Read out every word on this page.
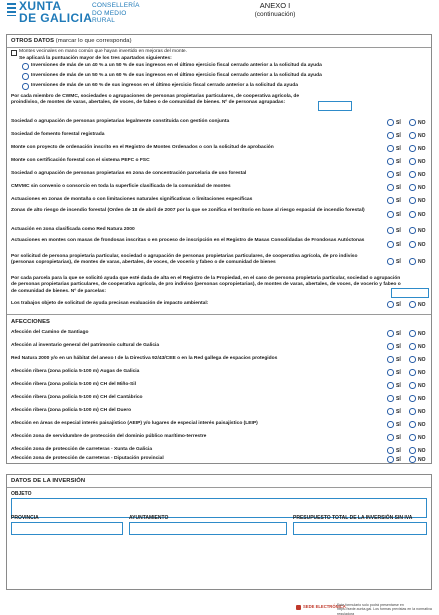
XUNTA
DE GALICIA
CONSELLERÍA
DO MEDIO
RURAL
ANEXO I
(continuación)
OTROS DATOS (marcar lo que corresponda)
Montes vecinales en mano común que hayan invertido en mejoras del monte.
Se aplicará la puntuación mayor de los tres apartados siguientes:
Inversiones de más de un 40 % a un 50 % de sus ingresos en el último ejercicio fiscal cerrado anterior a la solicitud da ayuda
Inversiones de más de un 50 % a un 60 % de sus ingresos en el último ejercicio fiscal cerrado anterior a la solicitud da ayuda
Inversiones de más de un 60 % de sus ingresos en el último ejercicio fiscal cerrado anterior a la solicitud da ayuda
Por cada miembro de CWMC, sociedades o agrupaciones de personas propietarias particulares, de cooperativa agrícola, de proindiviso, de montes de varas, abertales, de voces, de fabeo o de comunidad de bienes. Nº de personas agrupadas:
Sociedad o agrupación de personas propietarias legalmente constituida con gestión conjunta	SÍ	NO
Sociedad de fomento forestal registrada	SÍ	NO
Monte con proyecto de ordenación inscrito en el Registro de Montes Ordenados o con la solicitud de aprobación	SÍ	NO
Monte con certificación forestal con el sistema PEFC o FSC	SÍ	NO
Sociedad o agrupación de personas propietarias en zona de concentración parcelaria de uso forestal	SÍ	NO
CMVMC sin convenio o consorcio en toda la superficie clasificada de la comunidad de montes	SÍ	NO
Actuaciones en zonas de montaña o con limitaciones naturales significativas o limitaciones específicas	SÍ	NO
Zonas de alto riesgo de incendio forestal (Orden de 18 de abril de 2007 por la que se zonifica el territorio en base al riesgo espacial de incendio forestal)
SÍ	NO
Actuación en zona clasificada como Red Natura 2000	SÍ	NO
Actuaciones en montes con masas de frondosas inscritas o en proceso de inscripción en el Registro de Masas Consolidadas de Frondosas Autóctonas
SÍ	NO
Por solicitud de persona propietaria particular, sociedad o agrupación de personas propietarias particulares, de cooperativa agrícola, de pro indiviso (personas copropietarias), de montes de varas, abertales, de voces, de vocerío y fabeo o de comunidad de bienes	SÍ	NO
Por cada parcela para la que se solicitó ayuda que esté dada de alta en el Registro de la Propiedad, en el caso de persona propietaria particular, sociedad o agrupación de personas propietarias particulares, de cooperativa agrícola, de pro indiviso (personas copropietarias), de montes de varas, abertales, de voces, de vocerío y fabeo o de comunidad de bienes. Nº de parcelas:
Los trabajos objeto de solicitud de ayuda precisan evaluación de impacto ambiental:	SÍ	NO
AFECCIONES
Afección del Camino de Santiago	SÍ	NO
Afección al inventario general del patrimonio cultural de Galicia	SÍ	NO
Red Natura 2000 y/o en un hábitat del anexo I de la Directiva 92/43/CEE o en la Red gallega de espacios protegidos	SÍ	NO
Afección ribera (zona policía 5-100 m) Augas de Galicia	SÍ	NO
Afección ribera (zona policía 5-100 m) CH del Miño-Sil	SÍ	NO
Afección ribera (zona policía 5-100 m) CH del Cantábrico	SÍ	NO
Afección ribera (zona policía 5-100 m) CH del Duero	SÍ	NO
Afección en áreas de especial interés paisajístico (AEIP) y/o lugares de especial interés paisajístico (LEIP)	SÍ	NO
Afección zona de servidumbre de protección del dominio público marítimo-terrestre	SÍ	NO
Afección zona de protección de carreteras - Xunta de Galicia	SÍ	NO
Afección zona de protección de carreteras - Diputación provincial	SÍ	NO
DATOS DE LA INVERSIÓN
OBJETO
PROVINCIA	AYUNTAMIENTO	PRESUPUESTO TOTAL DE LA INVERSIÓN SIN IVA
SEDE ELECTRÓNICA
Este formulario solo podrá presentarse en https://sede.xunta.gal. Los formas previstas en la normativa reguladora
